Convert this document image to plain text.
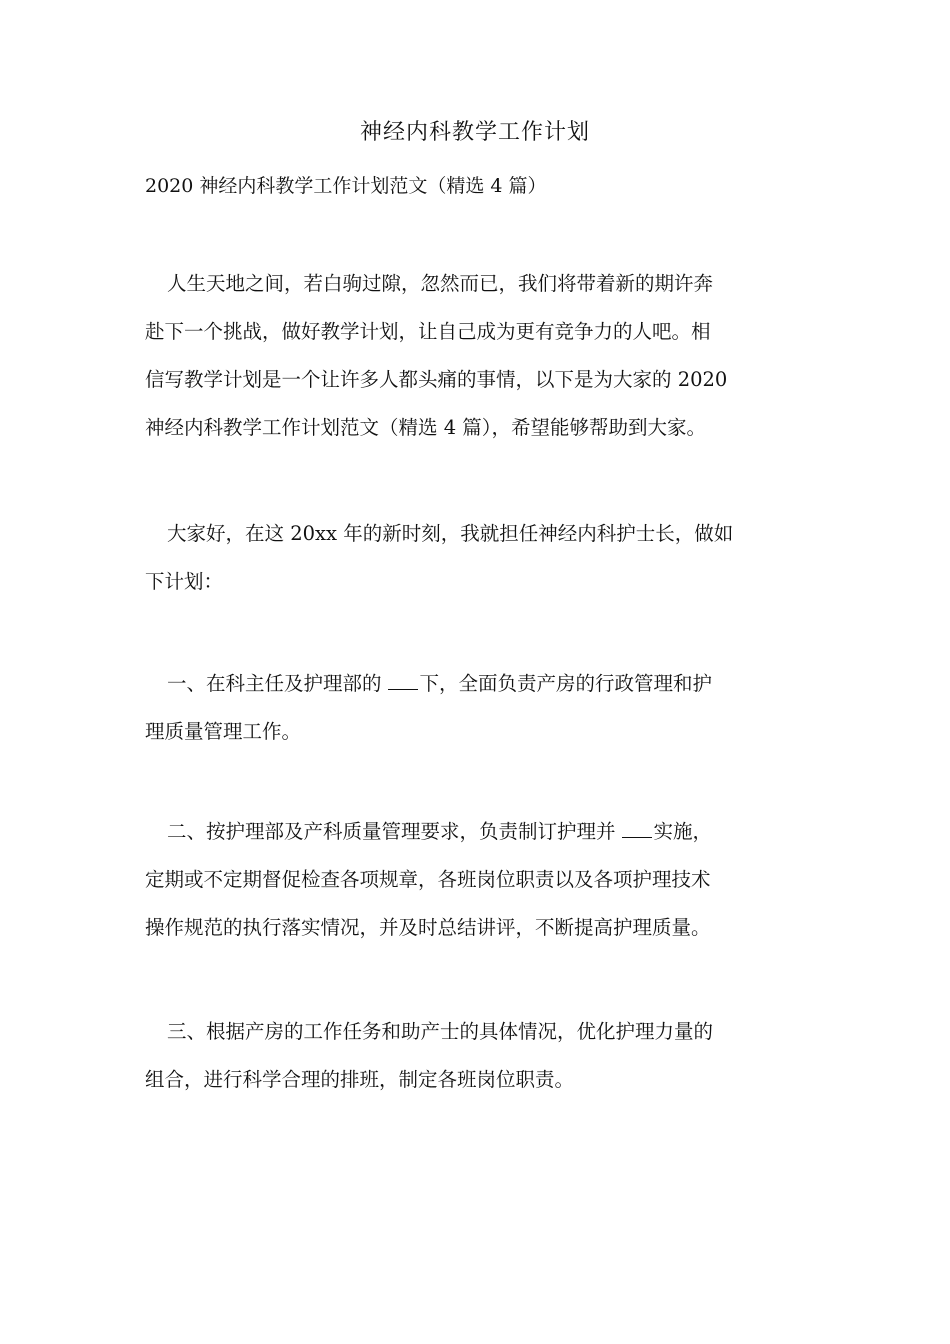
神经内科教学工作计划
2020 神经内科教学工作计划范文（精选 4 篇）
人生天地之间，若白驹过隙，忽然而已，我们将带着新的期许奔
赴下一个挑战，做好教学计划，让自己成为更有竞争力的人吧。相
信写教学计划是一个让许多人都头痛的事情，以下是为大家的 2020
神经内科教学工作计划范文（精选 4 篇），希望能够帮助到大家。
大家好，在这 20xx 年的新时刻，我就担任神经内科护士长，做如
下计划：
一、在科主任及护理部的 下，全面负责产房的行政管理和护
理质量管理工作。
二、按护理部及产科质量管理要求，负责制订护理并 实施，
定期或不定期督促检查各项规章，各班岗位职责以及各项护理技术
操作规范的执行落实情况，并及时总结讲评，不断提高护理质量。
三、根据产房的工作任务和助产士的具体情况，优化护理力量的
组合，进行科学合理的排班，制定各班岗位职责。
